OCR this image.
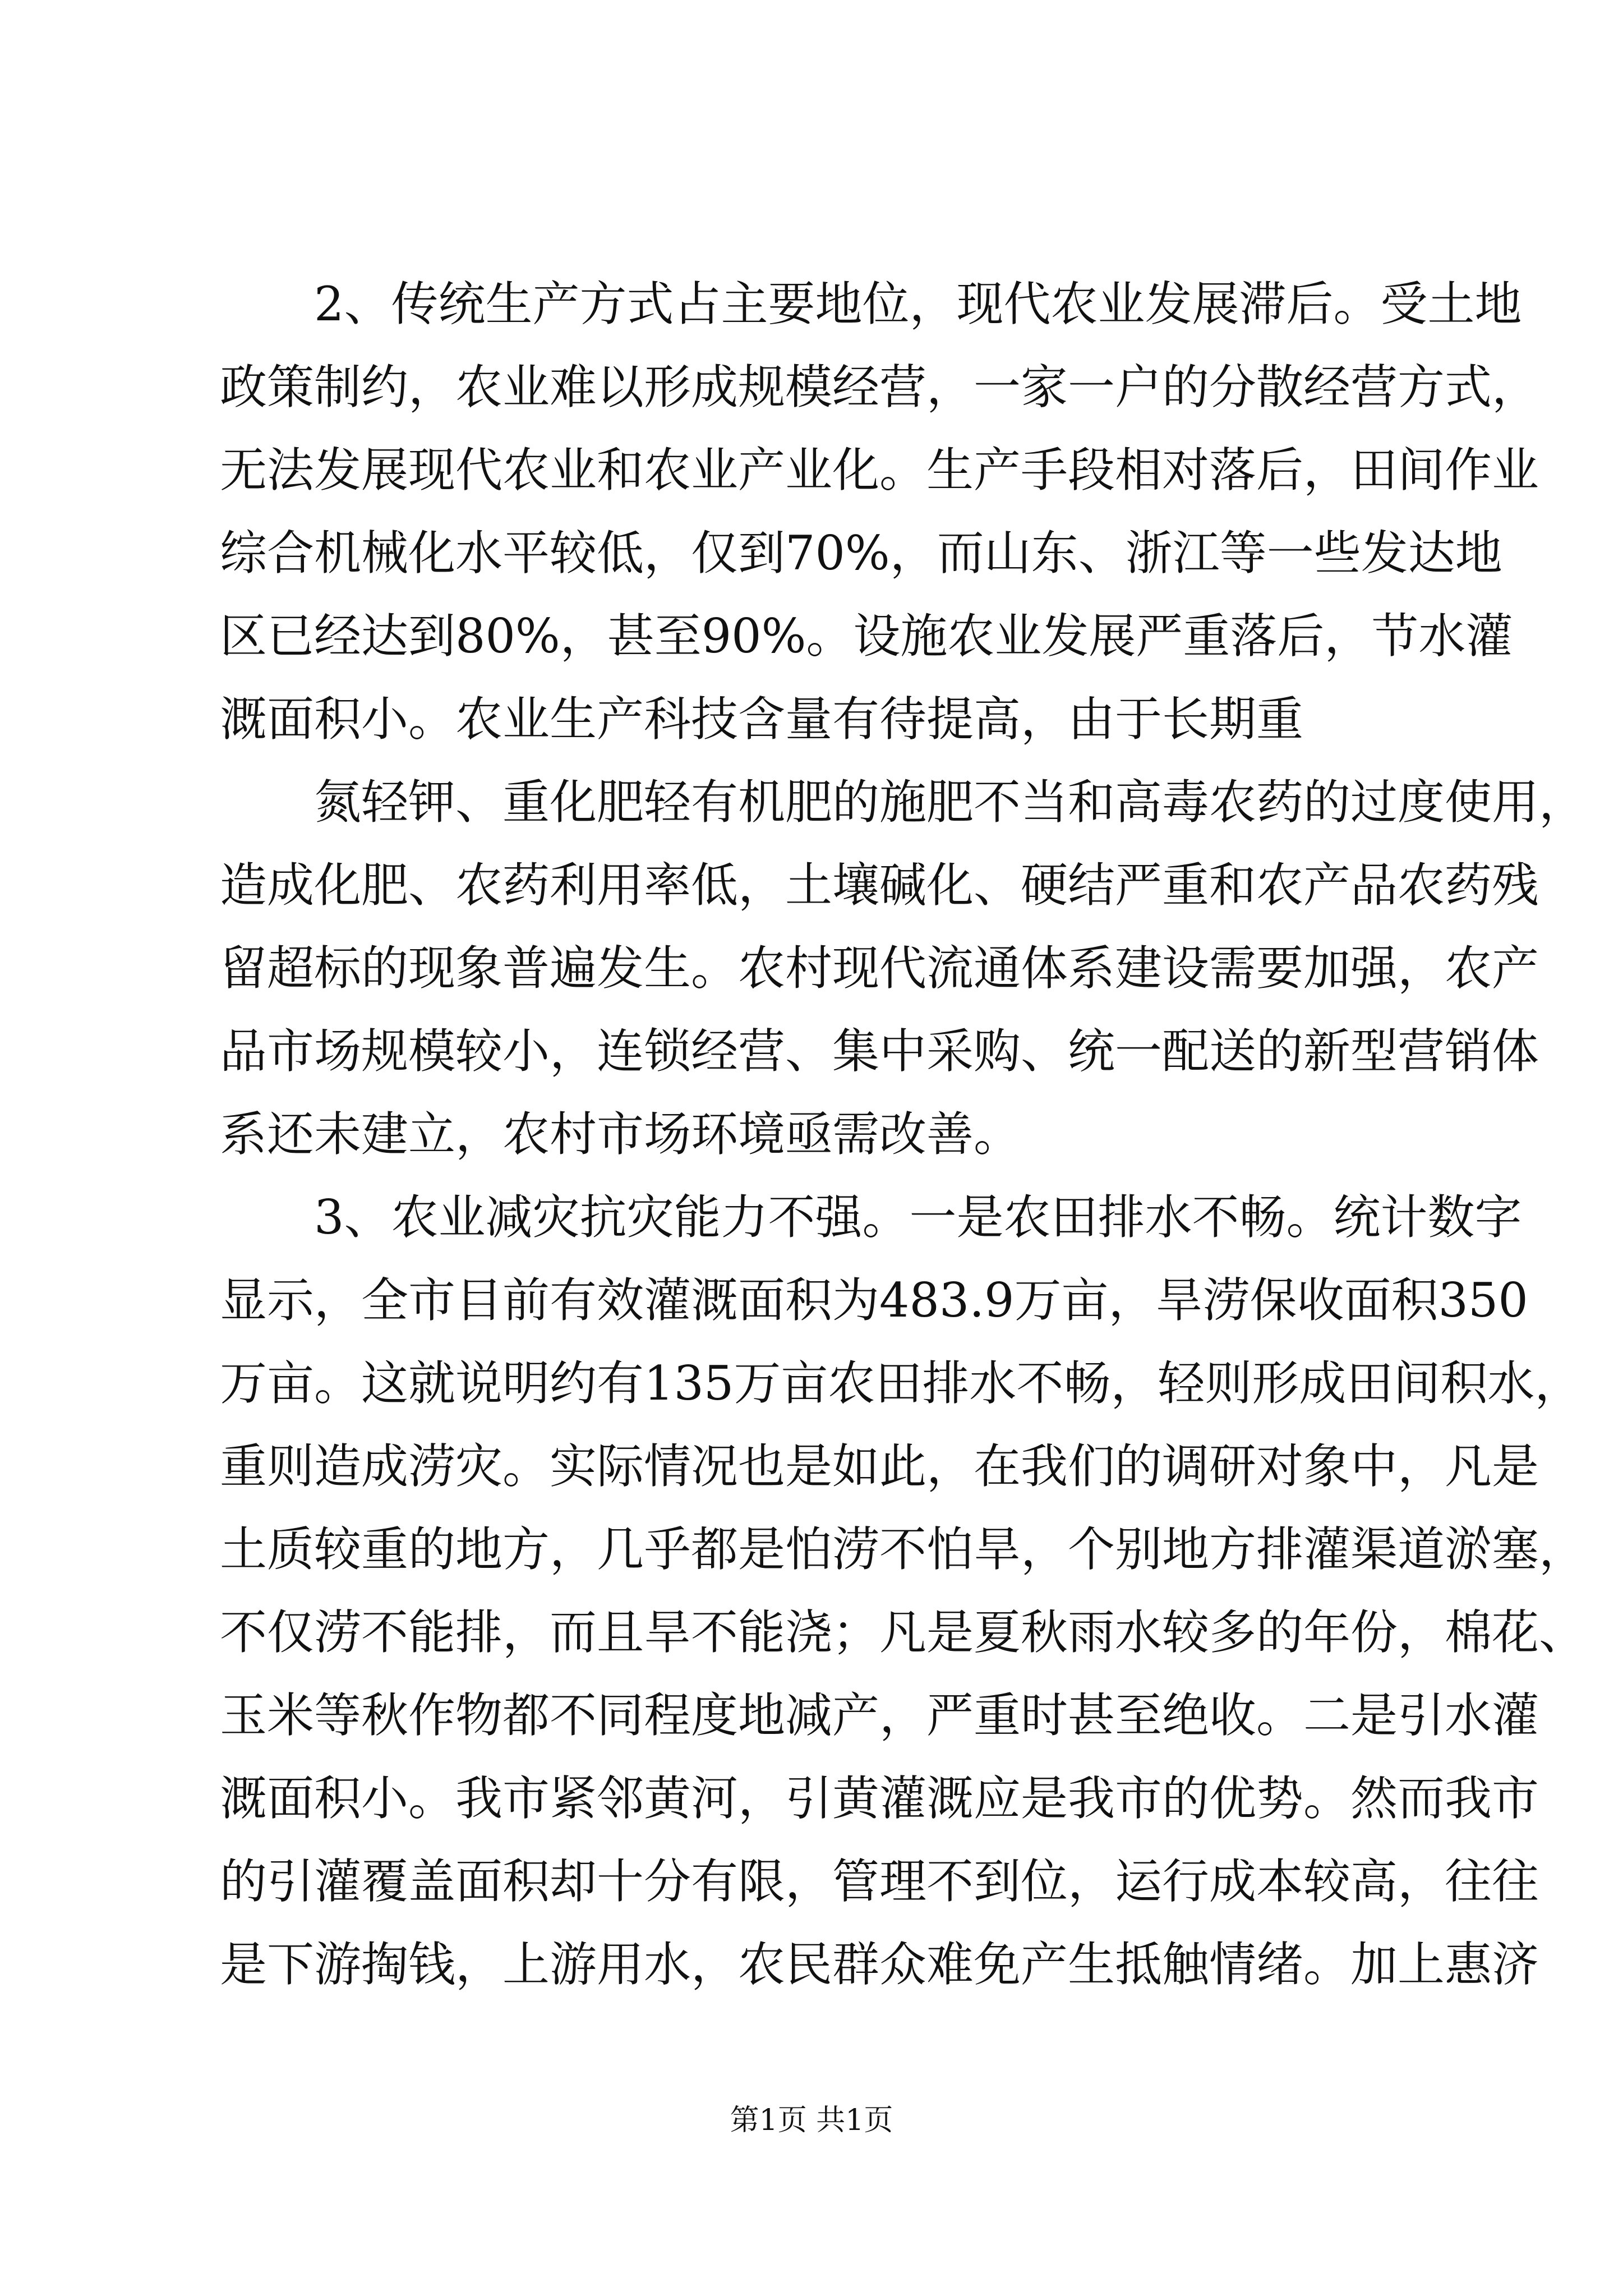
2、传统生产方式占主要地位，现代农业发展滞后。受土地
政策制约，农业难以形成规模经营，一家一户的分散经营方式，
无法发展现代农业和农业产业化。生产手段相对落后，田间作业
综合机械化水平较低，仅到70%，而山东、浙江等一些发达地
区已经达到80%，甚至90%。设施农业发展严重落后，节水灌
溉面积小。农业生产科技含量有待提高，由于长期重
氮轻钾、重化肥轻有机肥的施肥不当和高毒农药的过度使用，
造成化肥、农药利用率低，土壤碱化、硬结严重和农产品农药残
留超标的现象普遍发生。农村现代流通体系建设需要加强，农产
品市场规模较小，连锁经营、集中采购、统一配送的新型营销体
系还未建立，农村市场环境亟需改善。
3、农业减灾抗灾能力不强。一是农田排水不畅。统计数字
显示，全市目前有效灌溉面积为483.9万亩，旱涝保收面积350
万亩。这就说明约有135万亩农田排水不畅，轻则形成田间积水，
重则造成涝灾。实际情况也是如此，在我们的调研对象中，凡是
土质较重的地方，几乎都是怕涝不怕旱，个别地方排灌渠道淤塞，
不仅涝不能排，而且旱不能浇；凡是夏秋雨水较多的年份，棉花、
玉米等秋作物都不同程度地减产，严重时甚至绝收。二是引水灌
溉面积小。我市紧邻黄河，引黄灌溉应是我市的优势。然而我市
的引灌覆盖面积却十分有限，管理不到位，运行成本较高，往往
是下游掏钱，上游用水，农民群众难免产生抵触情绪。加上惠济
第1页 共1页
